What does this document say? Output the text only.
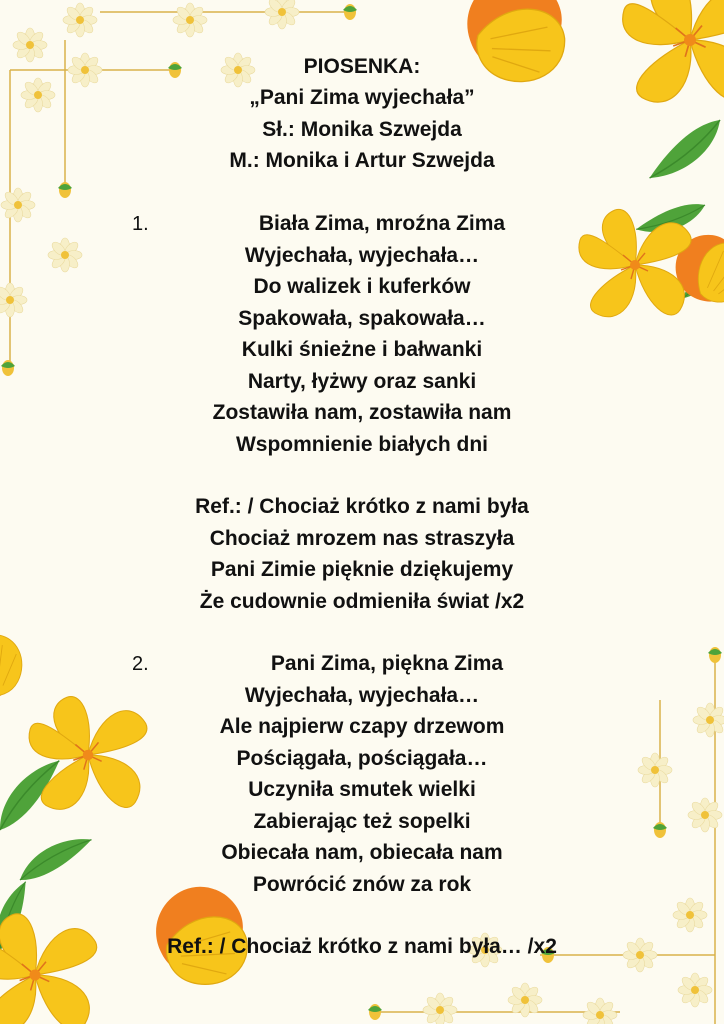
PIOSENKA:
„Pani Zima wyjechała”
Sł.: Monika Szwejda
M.: Monika i Artur Szwejda
1.	Biała Zima, mroźna Zima
Wyjechała, wyjechała…
Do walizek i kuferków
Spakowała, spakowała…
Kulki śnieżne i bałwanki
Narty, łyżwy oraz sanki
Zostawiła nam, zostawiła nam
Wspomnienie białych dni
Ref.: / Chociaż krótko z nami była
Chociaż mrozem nas straszyła
Pani Zimie pięknie dziękujemy
Że cudownie odmieniła świat /x2
2.	Pani Zima, piękna Zima
Wyjechała, wyjechała…
Ale najpierw czapy drzewom
Pościągała, pościągała…
Uczyniła smutek wielki
Zabierając też sopelki
Obiecała nam, obiecała nam
Powrócić znów za rok
Ref.: / Chociaż krótko z nami była… /x2
